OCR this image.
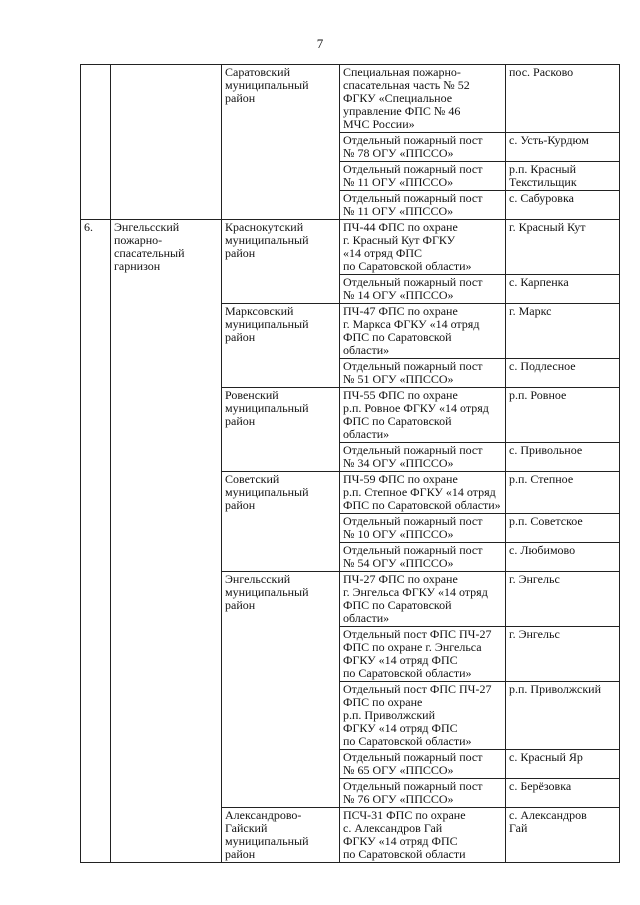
7
		Саратовский
муниципальный
район	Специальная пожарно-
спасательная часть № 52
ФГКУ «Специальное
управление ФПС № 46
МЧС России»	пос. Расково
			Отдельный пожарный пост
№ 78 ОГУ «ППССО»	с. Усть-Курдюм
			Отдельный пожарный пост
№ 11 ОГУ «ППССО»	р.п. Красный
Текстильщик
			Отдельный пожарный пост
№ 11 ОГУ «ППССО»	с. Сабуровка
6.	Энгельсский
пожарно-
спасательный
гарнизон	Краснокутский
муниципальный
район	ПЧ-44 ФПС по охране
г. Красный Кут ФГКУ
«14 отряд ФПС
по Саратовской области»	г. Красный Кут
			Отдельный пожарный пост
№ 14 ОГУ «ППССО»	с. Карпенка
		Марксовский
муниципальный
район	ПЧ-47 ФПС по охране
г. Маркса ФГКУ «14 отряд
ФПС по Саратовской
области»	г. Маркс
			Отдельный пожарный пост
№ 51 ОГУ «ППССО»	с. Подлесное
		Ровенский
муниципальный
район	ПЧ-55 ФПС по охране
р.п. Ровное ФГКУ «14 отряд
ФПС по Саратовской
области»	р.п. Ровное
			Отдельный пожарный пост
№ 34 ОГУ «ППССО»	с. Привольное
		Советский
муниципальный
район	ПЧ-59 ФПС по охране
р.п. Степное ФГКУ «14 отряд
ФПС по Саратовской области»	р.п. Степное
			Отдельный пожарный пост
№ 10 ОГУ «ППССО»	р.п. Советское
			Отдельный пожарный пост
№ 54 ОГУ «ППССО»	с. Любимово
		Энгельсский
муниципальный
район	ПЧ-27 ФПС по охране
г. Энгельса ФГКУ «14 отряд
ФПС по Саратовской
области»	г. Энгельс
			Отдельный пост ФПС ПЧ-27
ФПС по охране г. Энгельса
ФГКУ «14 отряд ФПС
по Саратовской области»	г. Энгельс
			Отдельный пост ФПС ПЧ-27
ФПС по охране
р.п. Приволжский
ФГКУ «14 отряд ФПС
по Саратовской области»	р.п. Приволжский
			Отдельный пожарный пост
№ 65 ОГУ «ППССО»	с. Красный Яр
			Отдельный пожарный пост
№ 76 ОГУ «ППССО»	с. Берёзовка
		Александрово-
Гайский
муниципальный
район	ПСЧ-31 ФПС по охране
с. Александров Гай
ФГКУ «14 отряд ФПС
по Саратовской области	с. Александров
Гай
